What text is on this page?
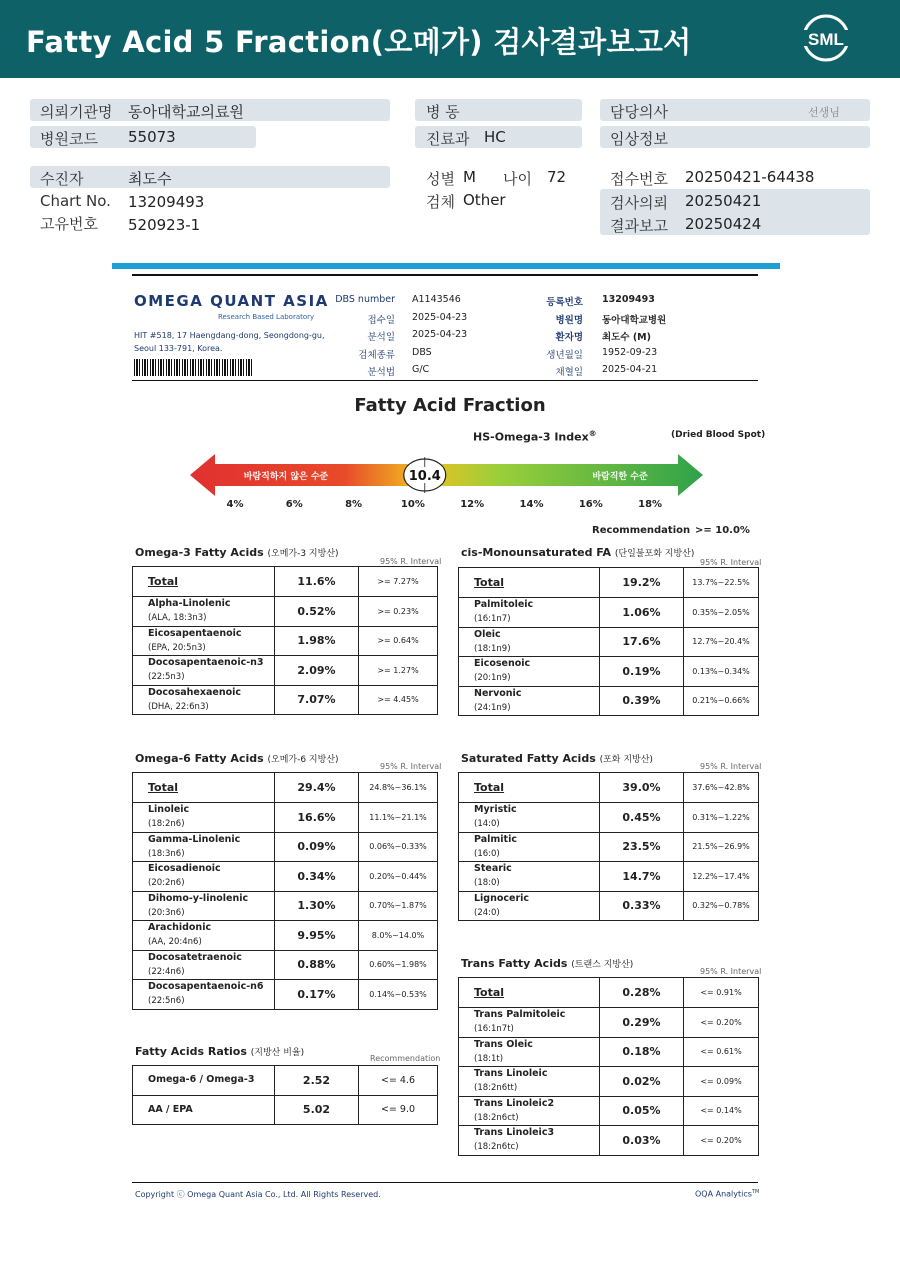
Fatty Acid 5 Fraction(오메가) 검사결과보고서	SML
의뢰기관명 동아대학교의료원
병원코드 55073
병 동
진료과 HC
담당의사	선생님
임상정보
수진자	최도수
Chart No. 13209493
고유번호 520923-1
성별 M 나이 72
검체 Other
접수번호 20250421-64438
검사의뢰 20250421
결과보고 20250424
OMEGA QUANT ASIA
Research Based Laboratory
HIT #518, 17 Haengdang-dong, Seongdong-gu,
Seoul 133-791, Korea.
DBS number A1143546
접수일 2025-04-23
분석일 2025-04-23
검체종류 DBS
분석법 G/C
등록번호 13209493
병원명 동아대학교병원
환자명 최도수 (M)
생년월일 1952-09-23
채혈일 2025-04-21
Fatty Acid Fraction
HS-Omega-3 Index®	(Dried Blood Spot)
바람직하지 않은 수준	바람직한 수준
10.4
4%	6%	8%	10%	12%	14%	16%	18%
Recommendation >= 10.0%
Omega-3 Fatty Acids (오메가-3 지방산)
95% R. Interval
Total	11.6%	>= 7.27%

Alpha-Linolenic
(ALA, 18:3n3)	0.52%	>= 0.23%

Eicosapentaenoic
(EPA, 20:5n3)	1.98%	>= 0.64%

Docosapentaenoic-n3
(22:5n3)	2.09%	>= 1.27%

Docosahexaenoic
(DHA, 22:6n3)	7.07%	>= 4.45%
cis-Monounsaturated FA (단일불포화 지방산)
95% R. Interval
Total	19.2%	13.7%~22.5%

Palmitoleic
(16:1n7)	1.06%	0.35%~2.05%

Oleic
(18:1n9)	17.6%	12.7%~20.4%

Eicosenoic
(20:1n9)	0.19%	0.13%~0.34%

Nervonic
(24:1n9)	0.39%	0.21%~0.66%
Omega-6 Fatty Acids (오메가-6 지방산)
95% R. Interval
Total	29.4%	24.8%~36.1%

Linoleic
(18:2n6)	16.6%	11.1%~21.1%

Gamma-Linolenic
(18:3n6)	0.09%	0.06%~0.33%

Eicosadienoic
(20:2n6)	0.34%	0.20%~0.44%

Dihomo-y-linolenic
(20:3n6)	1.30%	0.70%~1.87%

Arachidonic
(AA, 20:4n6)	9.95%	8.0%~14.0%

Docosatetraenoic
(22:4n6)	0.88%	0.60%~1.98%

Docosapentaenoic-n6
(22:5n6)	0.17%	0.14%~0.53%
Saturated Fatty Acids (포화 지방산)
95% R. Interval
Total	39.0%	37.6%~42.8%

Myristic
(14:0)	0.45%	0.31%~1.22%

Palmitic
(16:0)	23.5%	21.5%~26.9%

Stearic
(18:0)	14.7%	12.2%~17.4%

Lignoceric
(24:0)	0.33%	0.32%~0.78%
Trans Fatty Acids (트랜스 지방산)
95% R. Interval
Total	0.28%	<= 0.91%

Trans Palmitoleic
(16:1n7t)	0.29%	<= 0.20%

Trans Oleic
(18:1t)	0.18%	<= 0.61%

Trans Linoleic
(18:2n6tt)	0.02%	<= 0.09%

Trans Linoleic2
(18:2n6ct)	0.05%	<= 0.14%

Trans Linoleic3
(18:2n6tc)	0.03%	<= 0.20%
Fatty Acids Ratios (지방산 비율)
Recommendation
Omega-6 / Omega-3	2.52	<= 4.6

AA / EPA	5.02	<= 9.0
Copyright ⓒ Omega Quant Asia Co., Ltd. All Rights Reserved.	OQA Analytics™
